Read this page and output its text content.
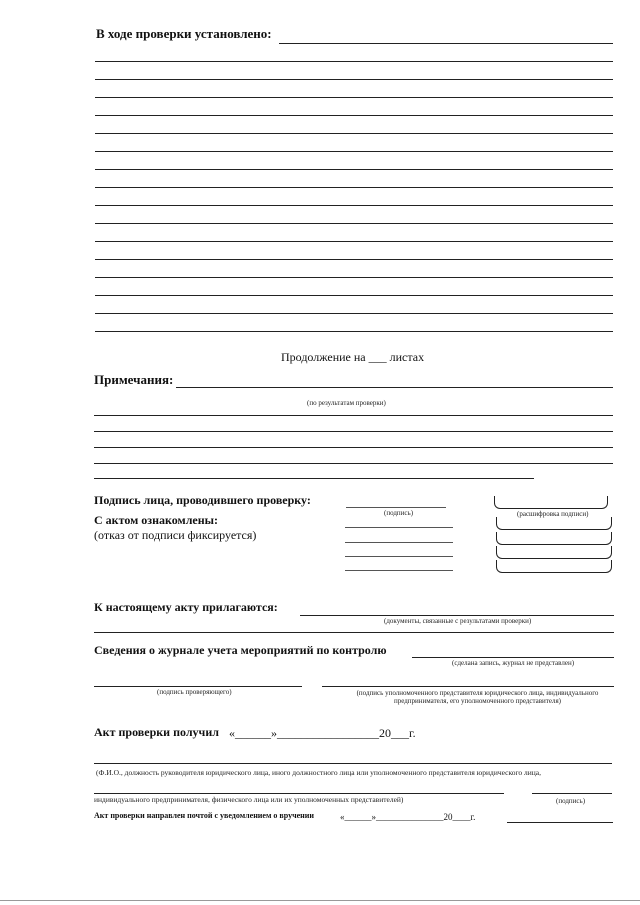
В ходе проверки установлено:
Продолжение на ___ листах
Примечания:
(по результатам проверки)
Подпись лица, проводившего проверку:
(подпись)	(расшифровка подписи)
С актом ознакомлены:
(отказ от подписи фиксируется)
К настоящему акту прилагаются:
(документы, связанные с результатами проверки)
Сведения о журнале учета мероприятий по контролю
(сделана запись, журнал не представлен)
(подпись проверяющего)	(подпись уполномоченного представителя юридического лица, индивидуального предпринимателя, его уполномоченного представителя)
Акт проверки получил «______»_________________20___г.
(Ф.И.О., должность руководителя юридического лица, иного должностного лица или уполномоченного представителя юридического лица,
индивидуального предпринимателя, физического лица или их уполномоченных представителей)	(подпись)
Акт проверки направлен почтой с уведомлением о вручении	«______»_______________20____г.
